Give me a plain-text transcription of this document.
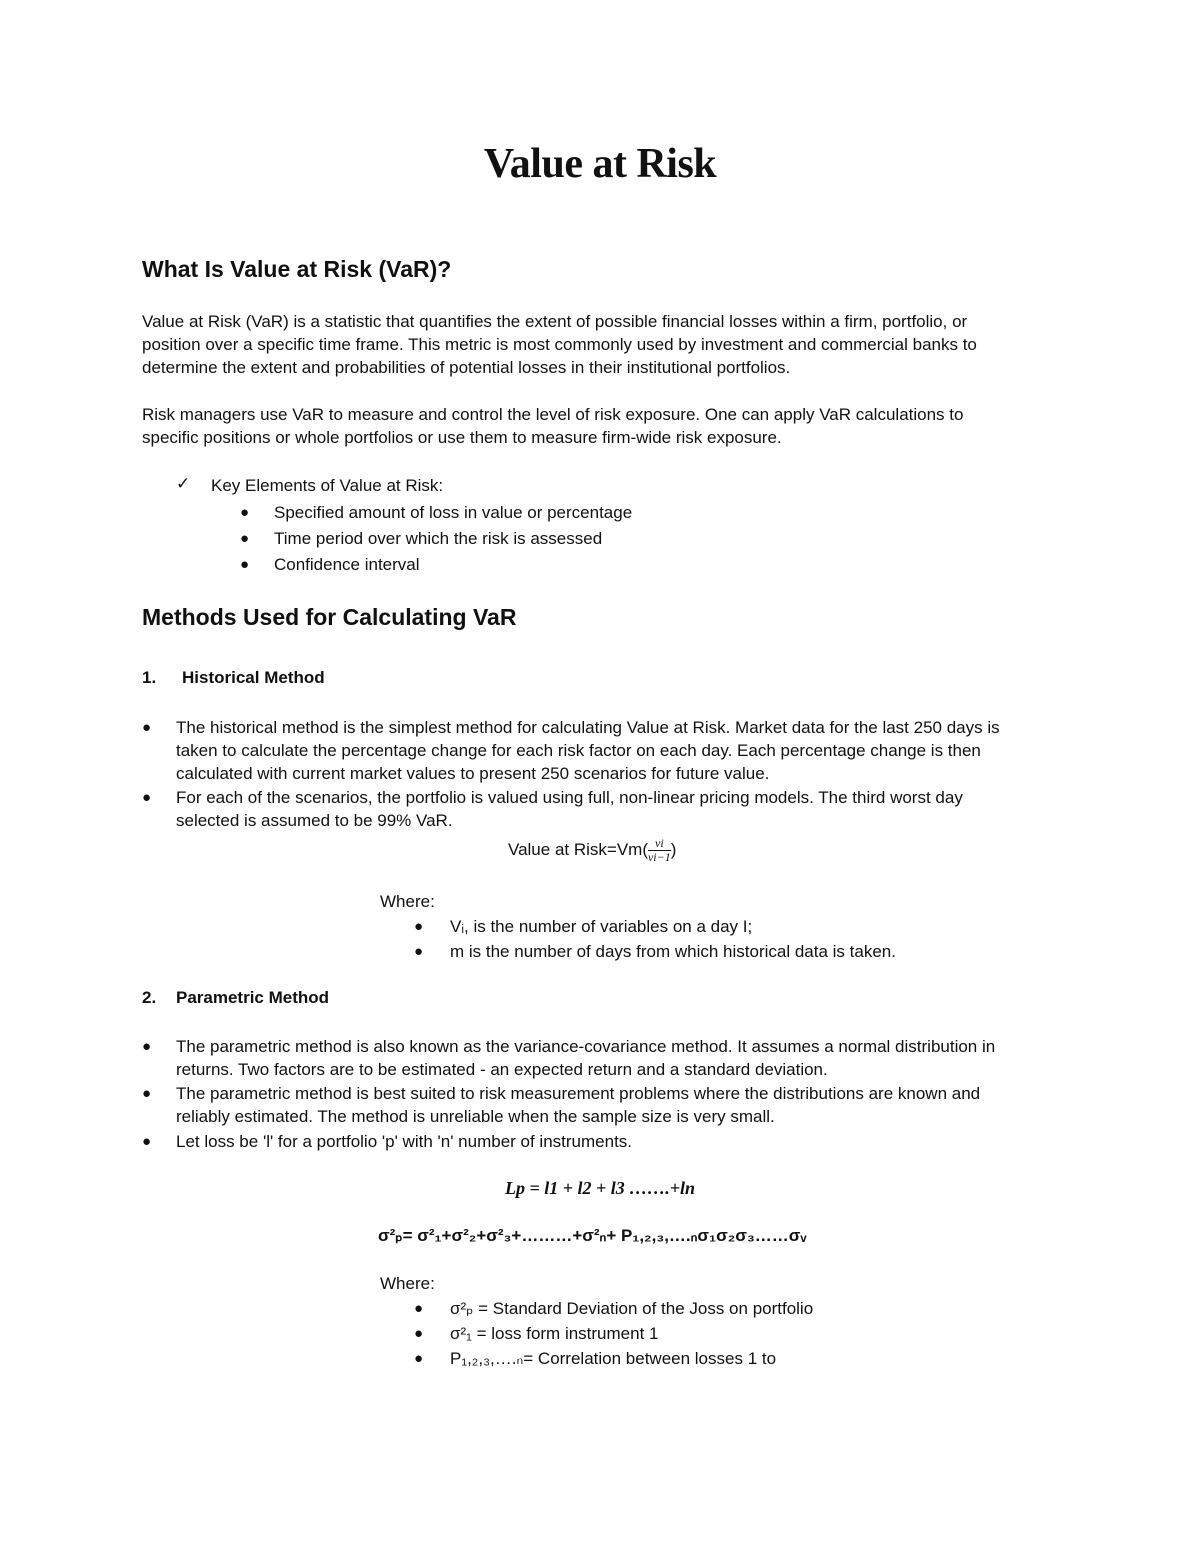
Value at Risk
What Is Value at Risk (VaR)?
Value at Risk (VaR) is a statistic that quantifies the extent of possible financial losses within a firm, portfolio, or
position over a specific time frame. This metric is most commonly used by investment and commercial banks to
determine the extent and probabilities of potential losses in their institutional portfolios.
Risk managers use VaR to measure and control the level of risk exposure. One can apply VaR calculations to
specific positions or whole portfolios or use them to measure firm-wide risk exposure.
✓ Key Elements of Value at Risk:
● Specified amount of loss in value or percentage
● Time period over which the risk is assessed
● Confidence interval
Methods Used for Calculating VaR
1. Historical Method
● The historical method is the simplest method for calculating Value at Risk. Market data for the last 250 days is
taken to calculate the percentage change for each risk factor on each day. Each percentage change is then
calculated with current market values to present 250 scenarios for future value.
● For each of the scenarios, the portfolio is valued using full, non-linear pricing models. The third worst day
selected is assumed to be 99% VaR.
Value at Risk=Vm( $\frac{vi}{vi-1}$ )
Where:
● Vᵢ, is the number of variables on a day I;
● m is the number of days from which historical data is taken.
2. Parametric Method
● The parametric method is also known as the variance-covariance method. It assumes a normal distribution in
returns. Two factors are to be estimated - an expected return and a standard deviation.
● The parametric method is best suited to risk measurement problems where the distributions are known and
reliably estimated. The method is unreliable when the sample size is very small.
● Let loss be 'l' for a portfolio 'p' with 'n' number of instruments.
Lp = l1 + l2 + l3 …….+ln
σ²ₚ= σ²₁+σ²₂+σ²₃+………+σ²ₙ+ P₁,₂,₃,….ₙσ₁σ₂σ₃……σᵥ
Where:
● σ²ₚ = Standard Deviation of the Joss on portfolio
● σ²₁ = loss form instrument 1
● P₁,₂,₃,….ₙ= Correlation between losses 1 to
